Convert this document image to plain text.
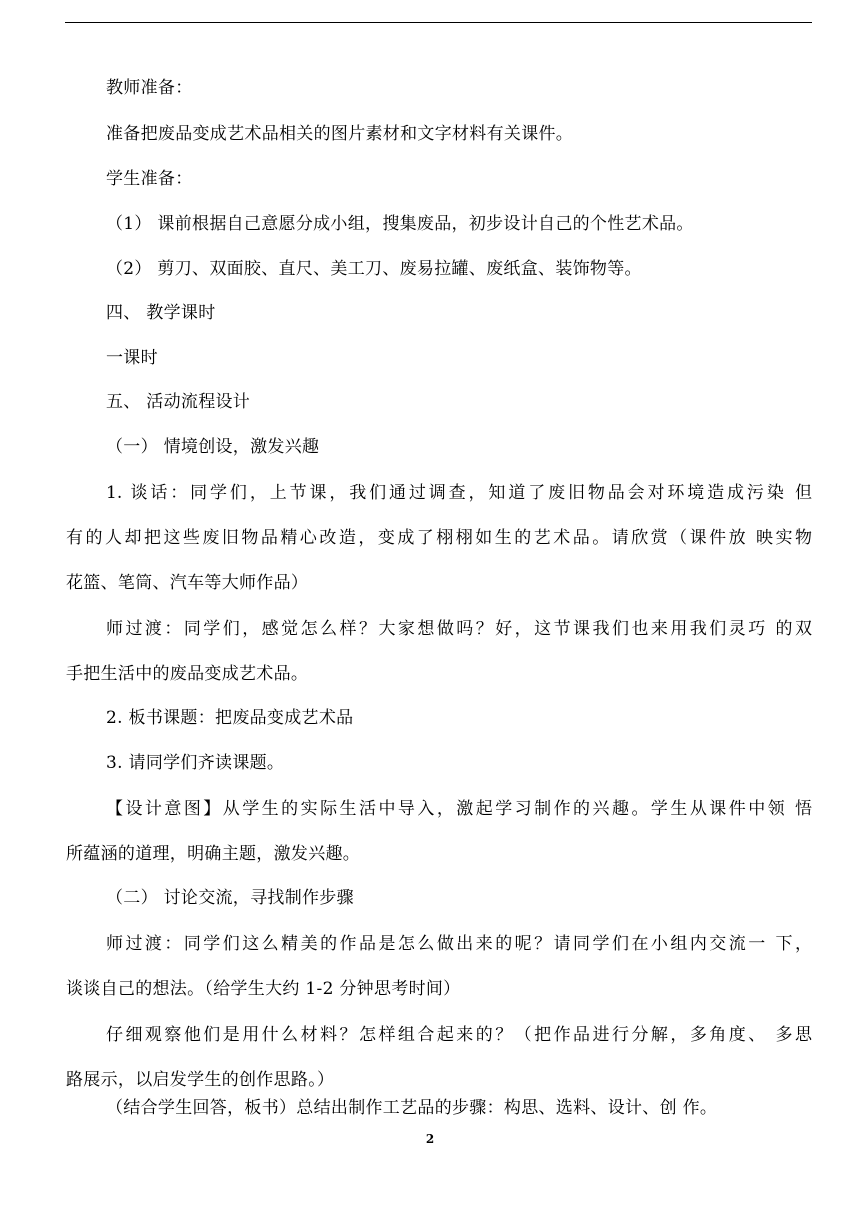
教师准备：
准备把废品变成艺术品相关的图片素材和文字材料有关课件。
学生准备：
（1） 课前根据自己意愿分成小组，搜集废品，初步设计自己的个性艺术品。
（2） 剪刀、双面胶、直尺、美工刀、废易拉罐、废纸盒、装饰物等。
四、 教学课时
一课时
五、 活动流程设计
（一） 情境创设，激发兴趣
1. 谈话：同学们，上节课，我们通过调查，知道了废旧物品会对环境造成污染 但
有的人却把这些废旧物品精心改造，变成了栩栩如生的艺术品。请欣赏（课件放 映实物
花篮、笔筒、汽车等大师作品）
师过渡：同学们，感觉怎么样？大家想做吗？好，这节课我们也来用我们灵巧 的双
手把生活中的废品变成艺术品。
2. 板书课题：把废品变成艺术品
3. 请同学们齐读课题。
【设计意图】从学生的实际生活中导入，激起学习制作的兴趣。学生从课件中领 悟
所蕴涵的道理，明确主题，激发兴趣。
（二） 讨论交流，寻找制作步骤
师过渡：同学们这么精美的作品是怎么做出来的呢？请同学们在小组内交流一 下，
谈谈自己的想法。（给学生大约 1-2 分钟思考时间）
仔细观察他们是用什么材料？怎样组合起来的？（把作品进行分解，多角度、 多思
路展示，以启发学生的创作思路。）
（结合学生回答，板书）总结出制作工艺品的步骤：构思、选料、设计、创 作。
2
